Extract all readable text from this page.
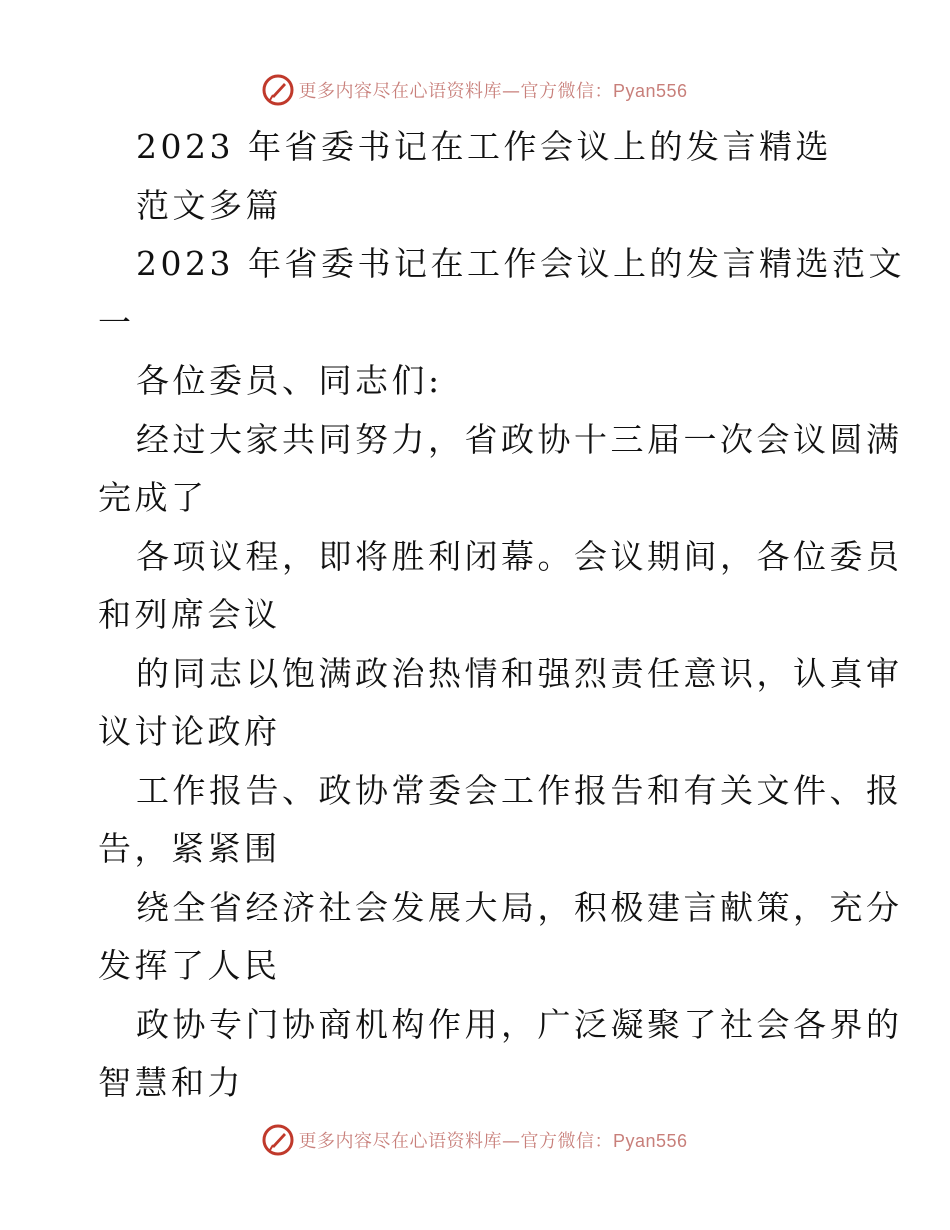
更多内容尽在心语资料库—官方微信：Pyan556
2023 年省委书记在工作会议上的发言精选
范文多篇
2023 年省委书记在工作会议上的发言精选范文
一
各位委员、同志们:
经过大家共同努力，省政协十三届一次会议圆满
完成了
各项议程，即将胜利闭幕。会议期间，各位委员
和列席会议
的同志以饱满政治热情和强烈责任意识，认真审
议讨论政府
工作报告、政协常委会工作报告和有关文件、报
告，紧紧围
绕全省经济社会发展大局，积极建言献策，充分
发挥了人民
政协专门协商机构作用，广泛凝聚了社会各界的
智慧和力
更多内容尽在心语资料库—官方微信：Pyan556
